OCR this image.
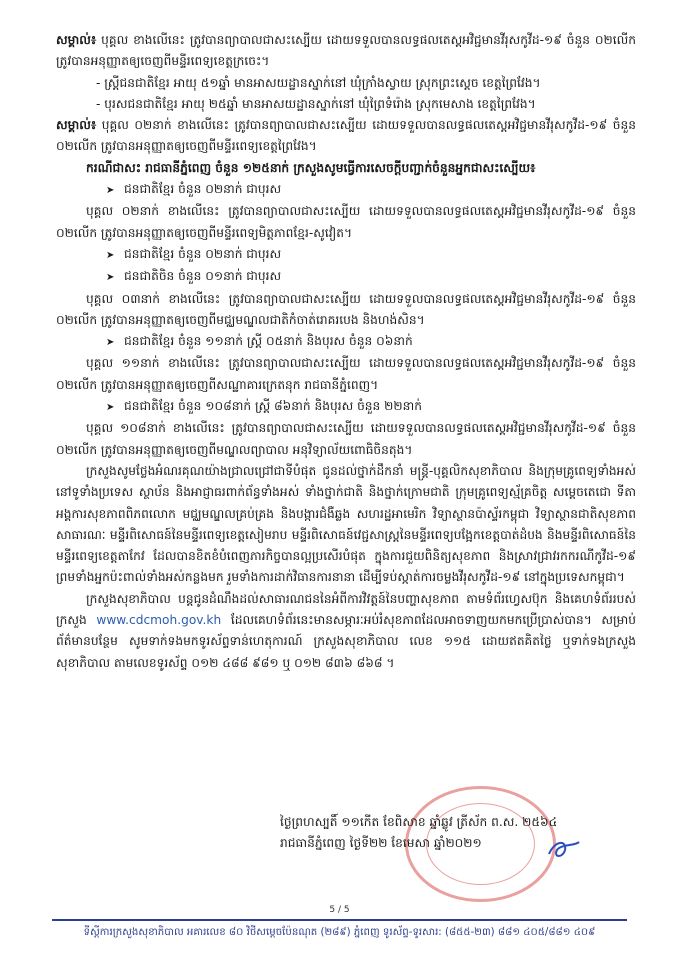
សម្គាល់៖ បុគ្គល ខាងលើនេះ ត្រូវបានព្យាបាលជាសះស្បើយ ដោយទទួលបានលទ្ធផលតេស្តអវិជ្ជមានវីរុសកូវីដ-១៩ ចំនួន ០២លើក ត្រូវបានអនុញ្ញាតឲ្យចេញពីមន្ទីរពេទ្យខេត្តក្រចេះ។

- ស្ត្រីជនជាតិខ្មែរ អាយុ ៥១ឆ្នាំ មានអាសយដ្ឋានស្នាក់នៅ ឃុំក្រាំងស្វាយ ស្រុកព្រះស្តេច ខេត្តព្រៃវែង។

- បុរសជនជាតិខ្មែរ អាយុ ២៥ឆ្នាំ មានអាសយដ្ឋានស្នាក់នៅ ឃុំព្រៃទំរ៉ោង ស្រុកមេសាង ខេត្តព្រៃវែង។

សម្គាល់៖ បុគ្គល ០២នាក់ ខាងលើនេះ ត្រូវបានព្យាបាលជាសះស្បើយ ដោយទទួលបានលទ្ធផលតេស្តអវិជ្ជមានវីរុសកូវីដ-១៩ ចំនួន ០២លើក ត្រូវបានអនុញ្ញាតឲ្យចេញពីមន្ទីរពេទ្យខេត្តព្រៃវែង។

ករណីជាសះ រាជធានីភ្នំពេញ ចំនួន ១២៥នាក់ ក្រសួងសូមធ្វើការសេចក្ដីបញ្ជាក់ចំនួនអ្នកជាសះស្បើយ៖

➤ ជនជាតិខ្មែរ ចំនួន ០២នាក់ ជាបុរស

បុគ្គល ០២នាក់ ខាងលើនេះ ត្រូវបានព្យាបាលជាសះស្បើយ ដោយទទួលបានលទ្ធផលតេស្តអវិជ្ជមានវីរុសកូវីដ-១៩ ចំនួន ០២លើក ត្រូវបានអនុញ្ញាតឲ្យចេញពីមន្ទីរពេទ្យមិត្តភាពខ្មែរ-សូវៀត។

➤ ជនជាតិខ្មែរ ចំនួន ០២នាក់ ជាបុរស

➤ ជនជាតិចិន ចំនួន ០១នាក់ ជាបុរស

បុគ្គល ០៣នាក់ ខាងលើនេះ ត្រូវបានព្យាបាលជាសះស្បើយ ដោយទទួលបានលទ្ធផលតេស្តអវិជ្ជមានវីរុសកូវីដ-១៩ ចំនួន ០២លើក ត្រូវបានអនុញ្ញាតឲ្យចេញពីមជ្ឈមណ្ឌលជាតិកំចាត់រោគរបេង និងហង់សិន។

➤ ជនជាតិខ្មែរ ចំនួន ១១នាក់ ស្ត្រី ០៥នាក់ និងបុរស ចំនួន ០៦នាក់

បុគ្គល ១១នាក់ ខាងលើនេះ ត្រូវបានព្យាបាលជាសះស្បើយ ដោយទទួលបានលទ្ធផលតេស្តអវិជ្ជមានវីរុសកូវីដ-១៩ ចំនួន ០២លើក ត្រូវបានអនុញ្ញាតឲ្យចេញពីសណ្ឋាគារក្រេតនុក រាជធានីភ្នំពេញ។

➤ ជនជាតិខ្មែរ ចំនួន ១០៨នាក់ ស្ត្រី ៨៦នាក់ និងបុរស ចំនួន ២២នាក់

បុគ្គល ១០៨នាក់ ខាងលើនេះ ត្រូវបានព្យាបាលជាសះស្បើយ ដោយទទួលបានលទ្ធផលតេស្តអវិជ្ជមានវីរុសកូវីដ-១៩ ចំនួន ០២លើក ត្រូវបានអនុញ្ញាតឲ្យចេញពីមណ្ឌលព្យាបាល អនុវិទ្យាល័យពោធិចិនតុង។

ក្រសួងសូមថ្លែងអំណរគុណយ៉ាងជ្រាលជ្រៅជាទីបំផុត ជូនដល់ថ្នាក់ដឹកនាំ មន្ត្រី-បុគ្គលិកសុខាភិបាល និងក្រុមគ្រូពេទ្យទាំងអស់នៅទូទាំងប្រទេស ស្ថាប័ន និងអាជ្ញាធរពាក់ព័ន្ធទាំងអស់ ទាំងថ្នាក់ជាតិ និងថ្នាក់ក្រោមជាតិ ក្រុមគ្រូពេទ្យស្ម័គ្រចិត្ត សម្តេចតេជោ ទីតា អង្គការសុខភាពពិភពលោក មជ្ឈមណ្ឌលគ្រប់គ្រង និងបង្ការជំងឺឆ្លង សហរដ្ឋអាមេរិក វិទ្យាស្ថានប៉ាស្ទ័រកម្ពុជា វិទ្យាស្ថានជាតិសុខភាពសាធារណៈ មន្ទីរពិសោធន៍នៃមន្ទីរពេទ្យខេត្តសៀមរាប មន្ទីរពិសោធន៍វេជ្ជសាស្ត្រនៃមន្ទីរពេទ្យបង្អែកខេត្តបាត់ដំបង និងមន្ទីរពិសោធន៍នៃមន្ទីរពេទ្យខេត្តតាកែវ ដែលបានខិតខំបំពេញភារកិច្ចបានល្អប្រសើរបំផុត ក្នុងការជួយពិនិត្យសុខភាព និងស្រាវជ្រាវរកករណីកូវីដ-១៩ ព្រមទាំងអ្នកប៉ះពាល់ទាំងអស់កន្លងមក រួមទាំងការដាក់វិធានការនានា ដើម្បីទប់ស្កាត់ការចម្លងវីរុសកូវីដ-១៩ នៅក្នុងប្រទេសកម្ពុជា។

ក្រសួងសុខាភិបាល បន្តជូនដំណឹងដល់សាធារណជននៃអំពីការវិវត្តន៍នៃបញ្ហាសុខភាព តាមទំព័រហ្វេសប៊ុក និងគេហទំព័ររបស់ក្រសួង www.cdcmoh.gov.kh ដែលគេហទំព័រនេះមានសម្ភារៈអប់រំសុខភាពដែលអាចទាញយកមកប្រើប្រាស់បាន។ សម្រាប់ព័ត៌មានបន្ថែម សូមទាក់ទងមកទូរស័ព្ទទាន់ហេតុការណ៍ ក្រសួងសុខាភិបាល លេខ ១១៥ ដោយឥតគិតថ្លៃ ឬទាក់ទងក្រសួងសុខាភិបាល តាមលេខទូរស័ព្ទ ០១២ ៤៨៨ ៩៨១ ឬ ០១២ ៨៣៦ ៨៦៨ ។

ថ្ងៃព្រហស្បតិ៍ ១១កើត ខែពិសាខ ឆ្នាំឆ្លូវ ត្រីស័ក ព.ស. ២៥៦៤
រាជធានីភ្នំពេញ ថ្ងៃទី២២ ខែមេសា ឆ្នាំ២០២១
5 / 5
ទីស្ដីការក្រសួងសុខាភិបាល អគារលេខ ៨០ វិថីសម្ដេចប៉ែនណុត (២៨៩) ភ្នំពេញ ទូរស័ព្ទ-ទូរសារ: (៨៥៥-២៣) ៨៨១ ៤០៥/៨៨១ ៤០៩
